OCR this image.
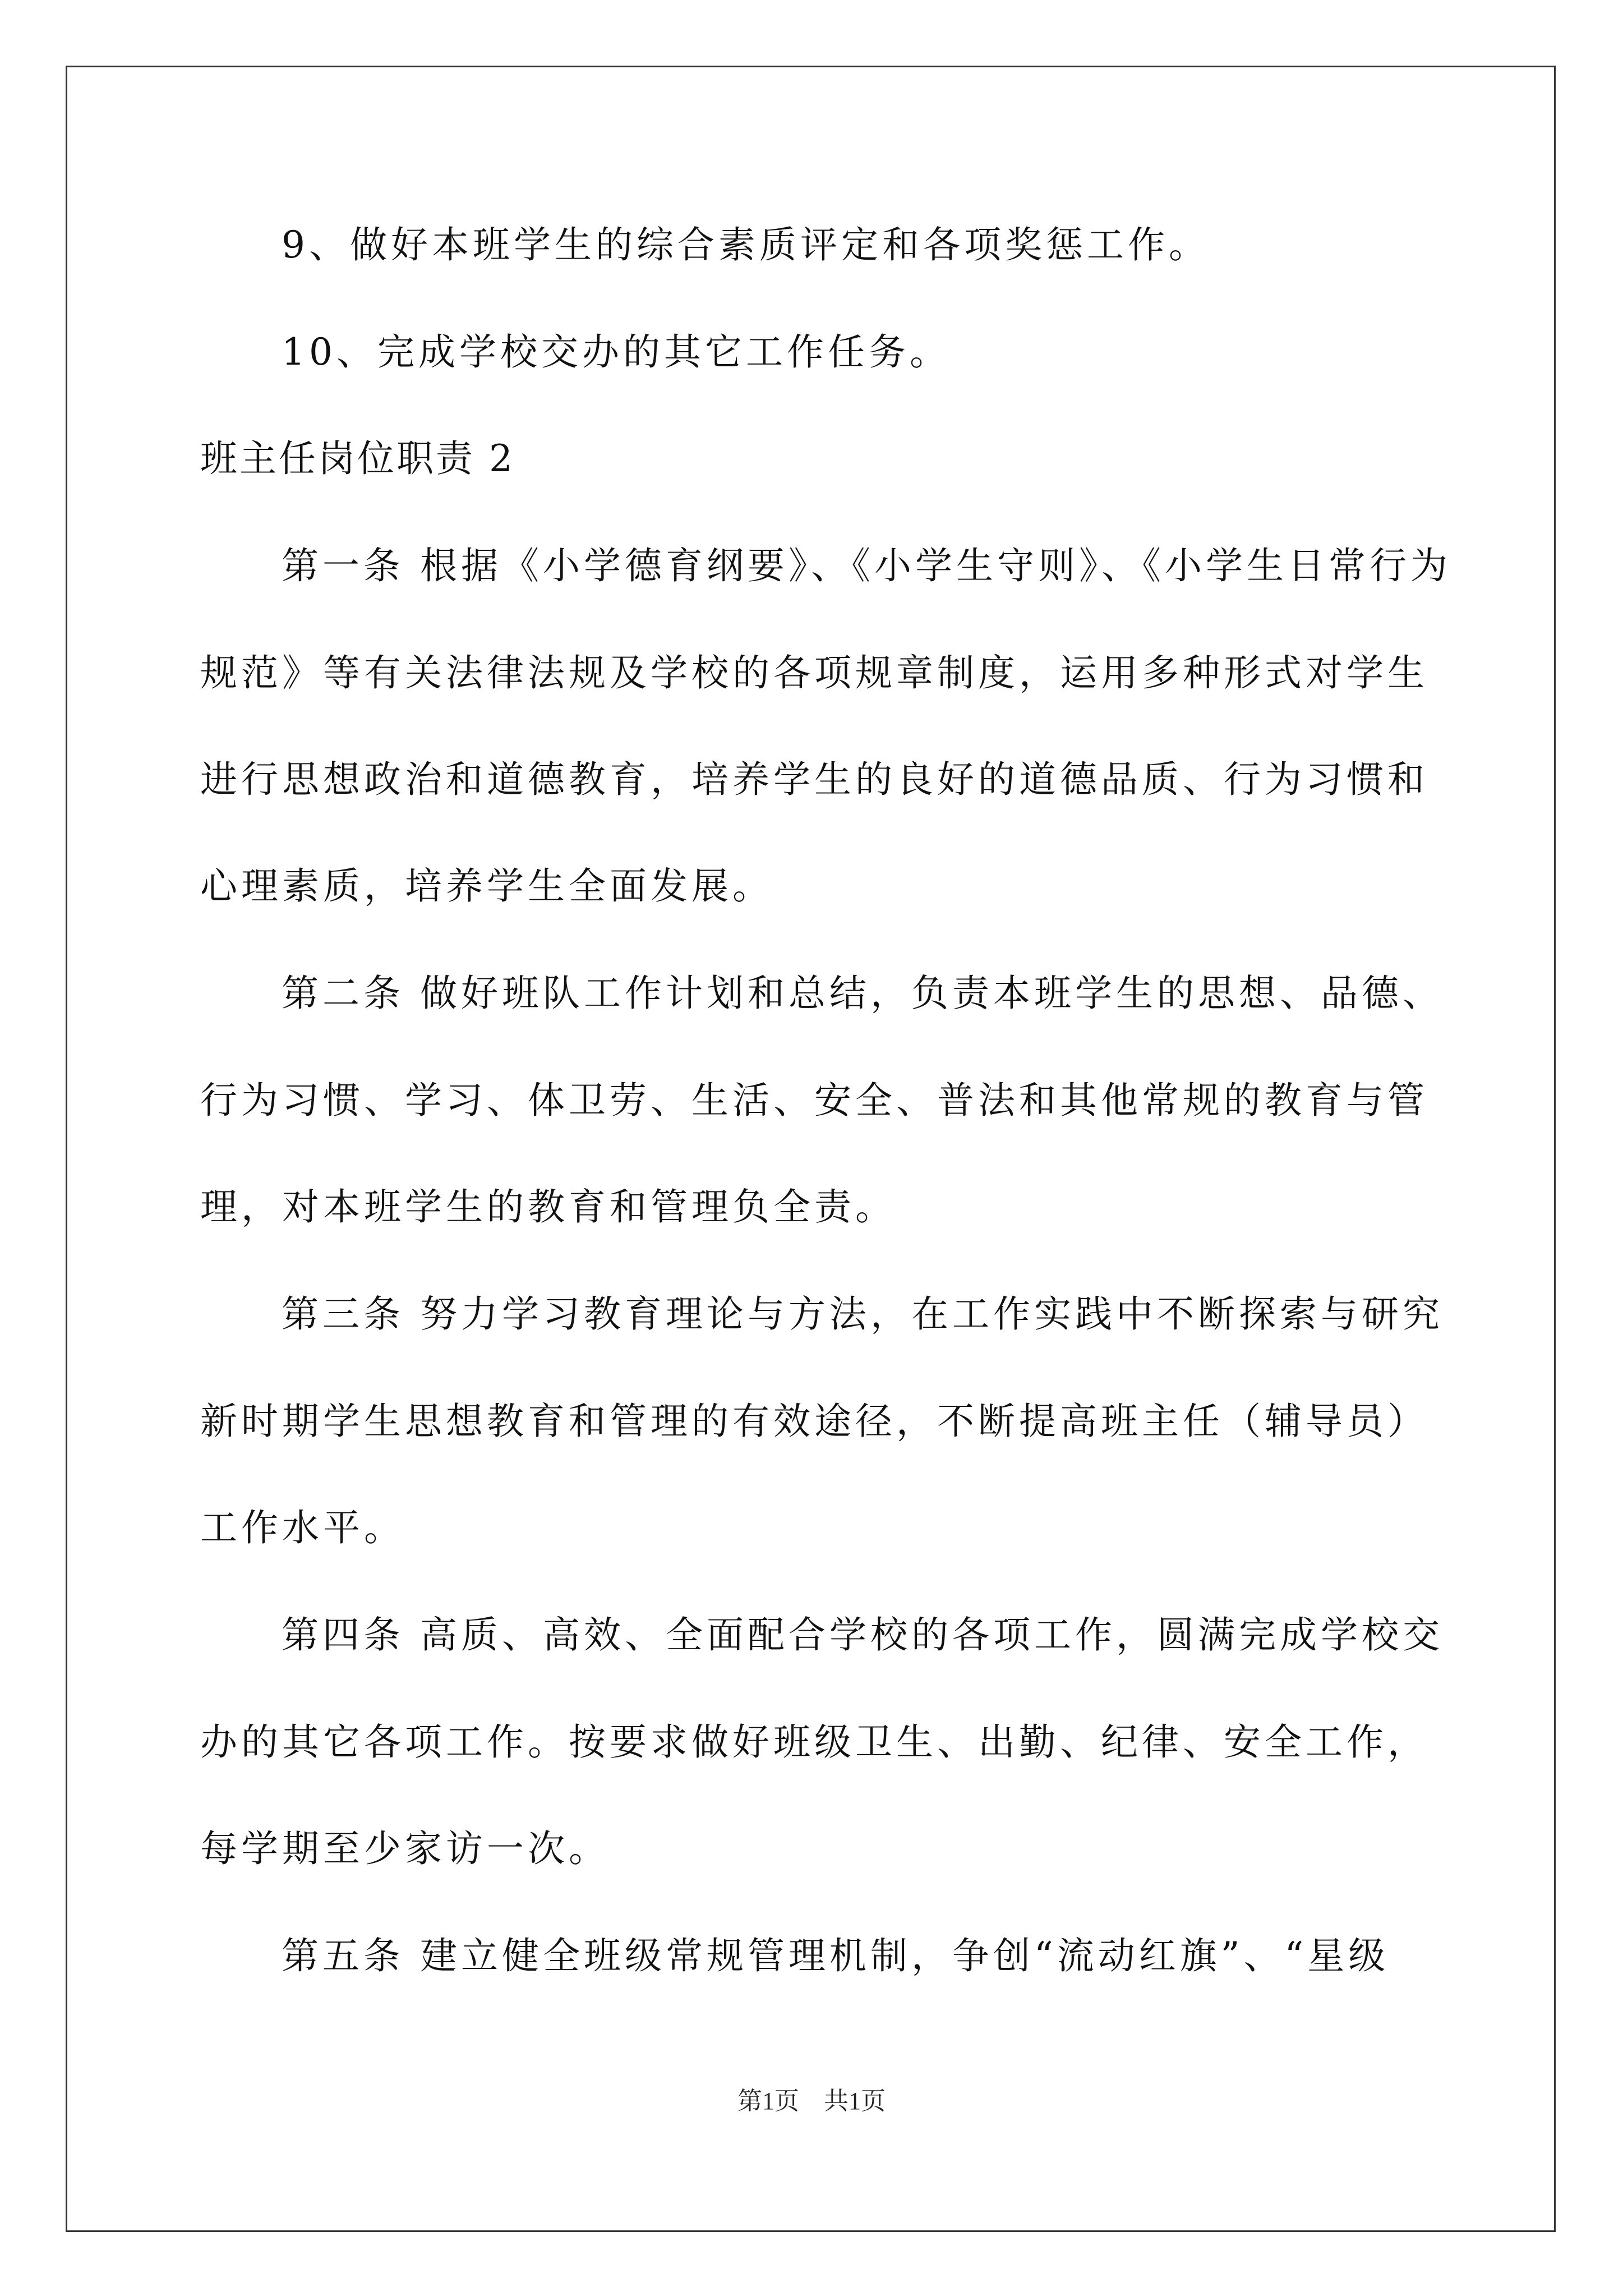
9、做好本班学生的综合素质评定和各项奖惩工作。
10、完成学校交办的其它工作任务。
班主任岗位职责 2
第一条 根据《小学德育纲要》、《小学生守则》、《小学生日常行为
规范》等有关法律法规及学校的各项规章制度，运用多种形式对学生
进行思想政治和道德教育，培养学生的良好的道德品质、行为习惯和
心理素质，培养学生全面发展。
第二条 做好班队工作计划和总结，负责本班学生的思想、品德、
行为习惯、学习、体卫劳、生活、安全、普法和其他常规的教育与管
理，对本班学生的教育和管理负全责。
第三条 努力学习教育理论与方法，在工作实践中不断探索与研究
新时期学生思想教育和管理的有效途径，不断提高班主任（辅导员）
工作水平。
第四条 高质、高效、全面配合学校的各项工作，圆满完成学校交
办的其它各项工作。按要求做好班级卫生、出勤、纪律、安全工作，
每学期至少家访一次。
第五条 建立健全班级常规管理机制，争创“流动红旗”、“星级
第1页　共1页
